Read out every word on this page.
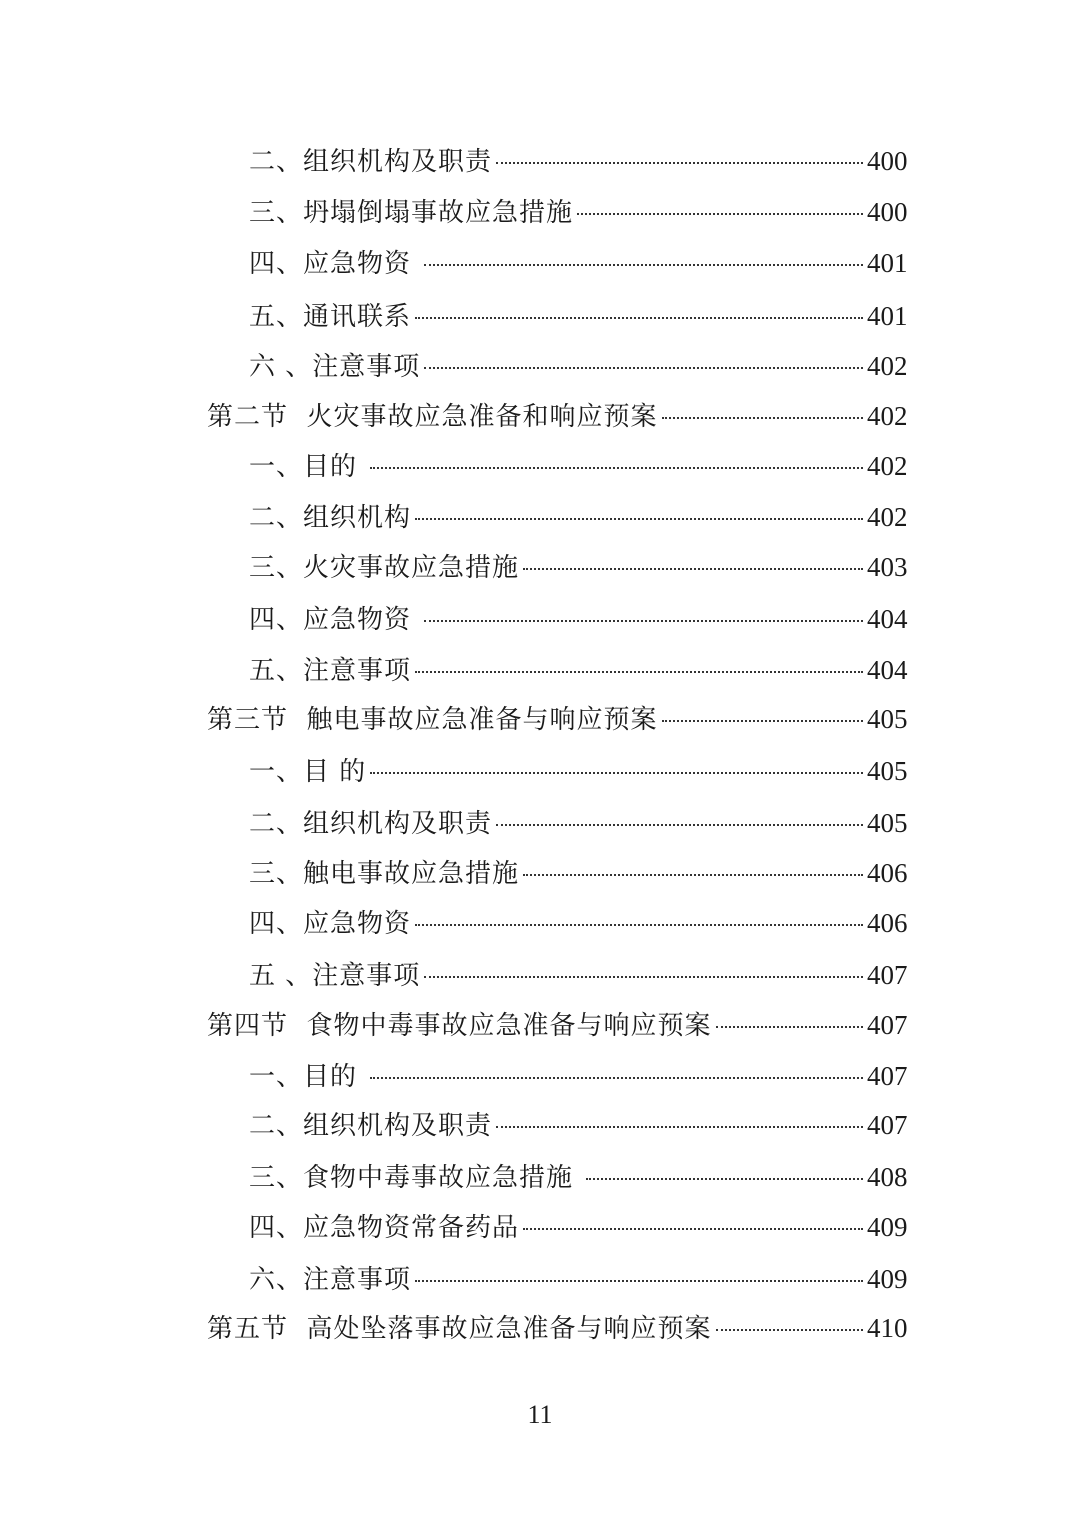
二、组织机构及职责	400
三、坍塌倒塌事故应急措施	400
四、应急物资	401
五、通讯联系	401
六 、注意事项	402
第二节  火灾事故应急准备和响应预案	402
一、目的	402
二、组织机构	402
三、火灾事故应急措施	403
四、应急物资	404
五、注意事项	404
第三节  触电事故应急准备与响应预案	405
一、目 的	405
二、组织机构及职责	405
三、触电事故应急措施	406
四、应急物资	406
五 、注意事项	407
第四节  食物中毒事故应急准备与响应预案	407
一、目的	407
二、组织机构及职责	407
三、食物中毒事故应急措施	408
四、应急物资常备药品	409
六、注意事项	409
第五节  高处坠落事故应急准备与响应预案	410
11
